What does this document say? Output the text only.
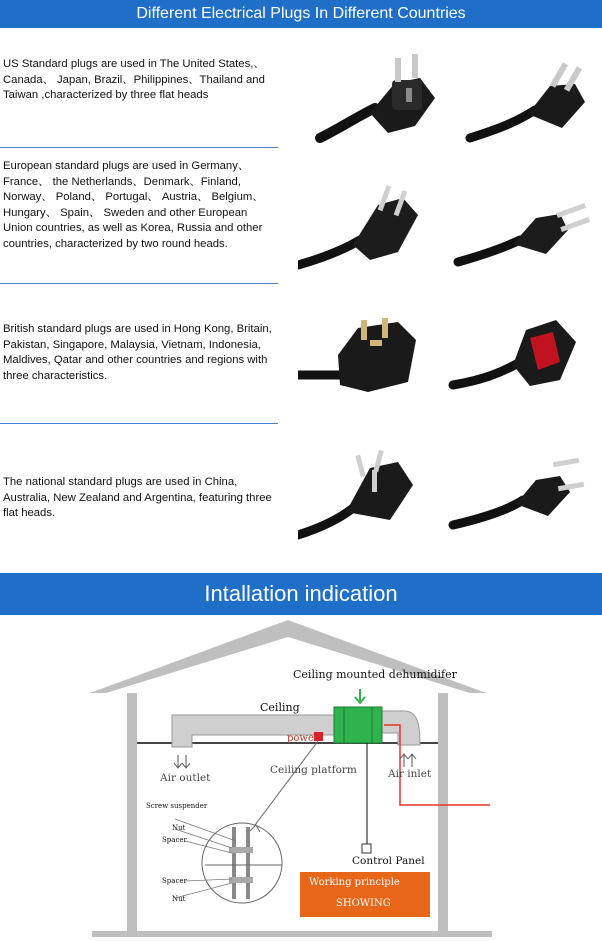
Different Electrical Plugs In Different Countries
US Standard plugs are used in The United States,、Canada、 Japan, Brazil、Philippines、Thailand and Taiwan ,characterized by three flat heads
European standard plugs are used in Germany、France、 the Netherlands、Denmark、Finland, Norway、 Poland、 Portugal、 Austria、 Belgium、 Hungary、 Spain、 Sweden and other European Union countries, as well as Korea, Russia and other countries, characterized by two round heads.
British standard plugs are used in Hong Kong, Britain, Pakistan, Singapore, Malaysia, Vietnam, Indonesia, Maldives, Qatar and other countries and regions with three characteristics.
The national standard plugs are used in China, Australia, New Zealand and Argentina, featuring three flat heads.
Intallation indication
Ceiling mounted dehumidifer
Ceiling
power
Air outlet
Ceiling platform	Air inlet
Control Panel
Screw suspender
Nut
Spacer
Spacer
Nut
Working principle
SHOWING
